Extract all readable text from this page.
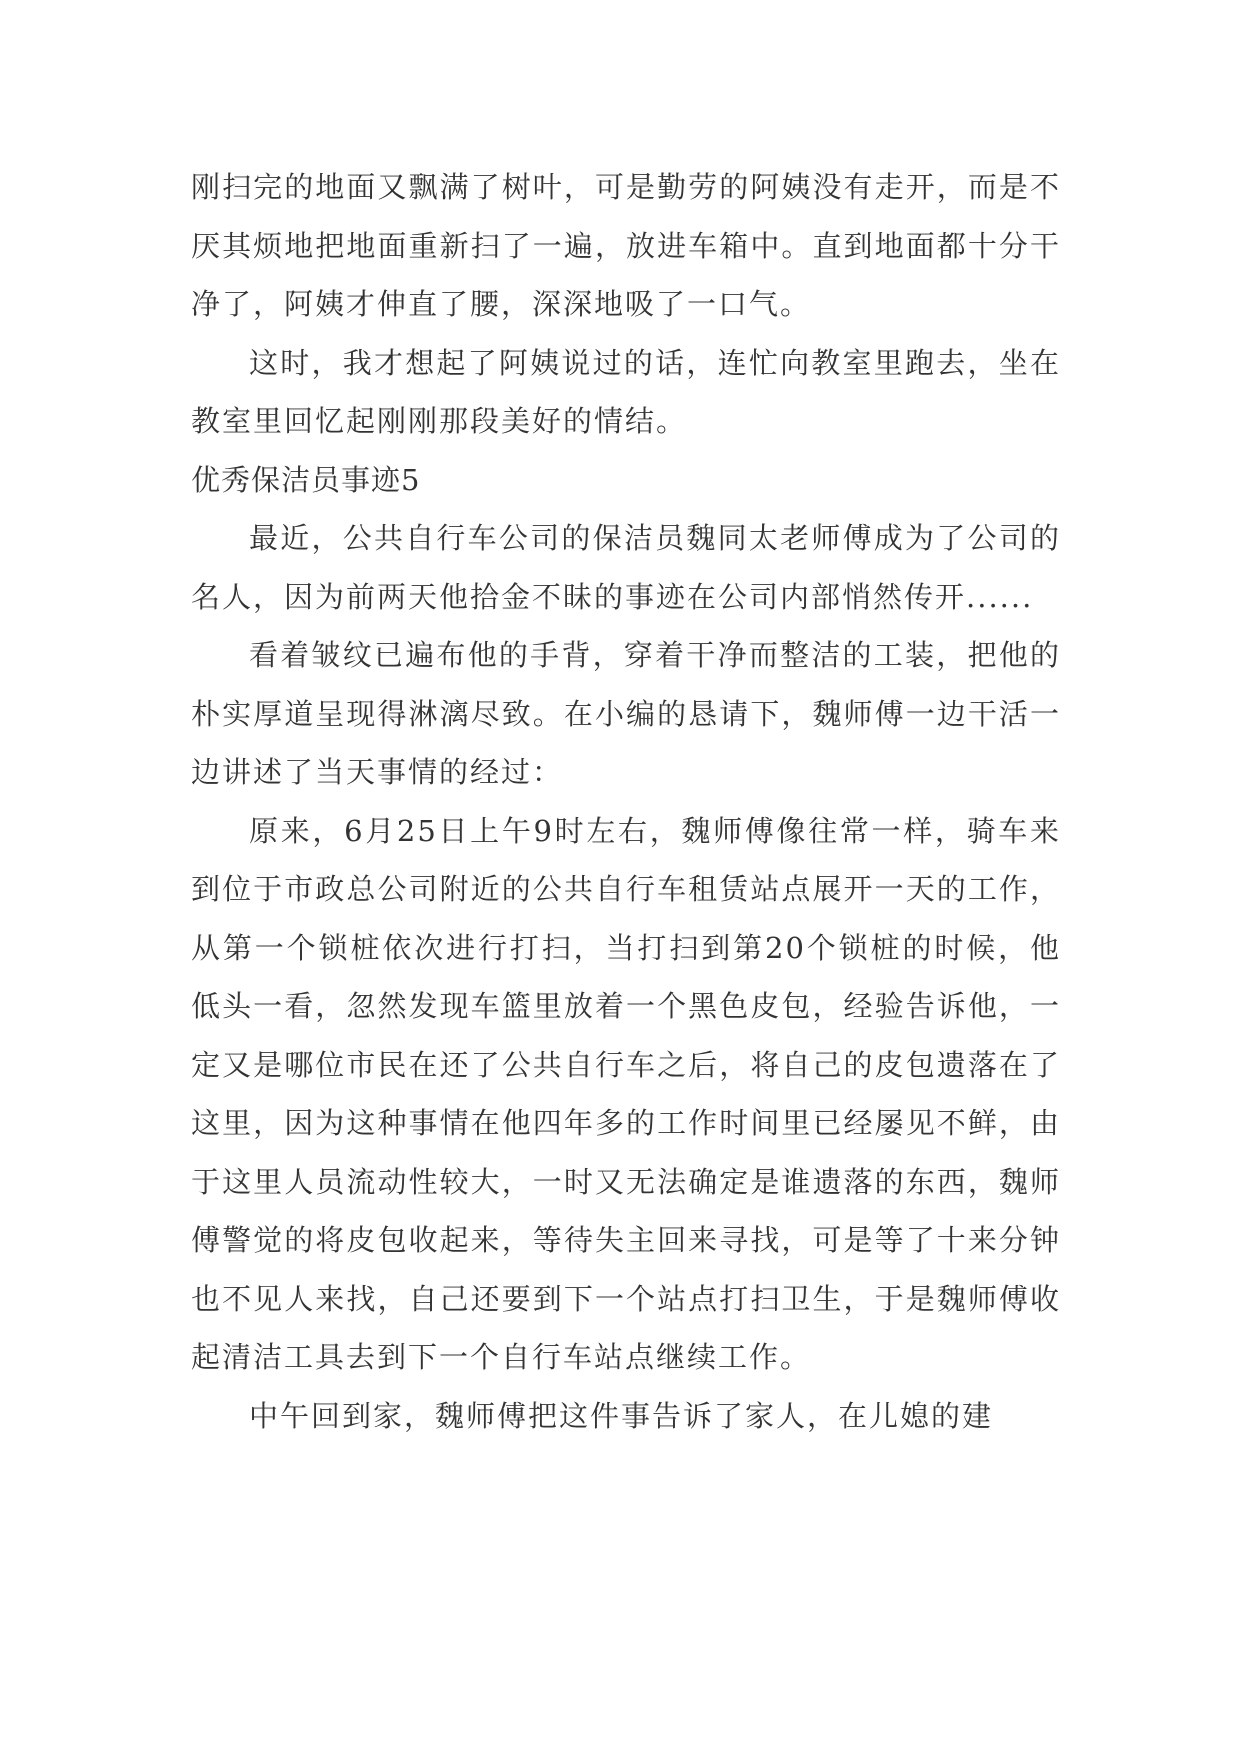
刚扫完的地面又飘满了树叶，可是勤劳的阿姨没有走开，而是不厌其烦地把地面重新扫了一遍，放进车箱中。直到地面都十分干净了，阿姨才伸直了腰，深深地吸了一口气。

这时，我才想起了阿姨说过的话，连忙向教室里跑去，坐在教室里回忆起刚刚那段美好的情结。

优秀保洁员事迹5

最近，公共自行车公司的保洁员魏同太老师傅成为了公司的名人，因为前两天他拾金不昧的事迹在公司内部悄然传开......

看着皱纹已遍布他的手背，穿着干净而整洁的工装，把他的朴实厚道呈现得淋漓尽致。在小编的恳请下，魏师傅一边干活一边讲述了当天事情的经过：

原来，6月25日上午9时左右，魏师傅像往常一样，骑车来到位于市政总公司附近的公共自行车租赁站点展开一天的工作，从第一个锁桩依次进行打扫，当打扫到第20个锁桩的时候，他低头一看，忽然发现车篮里放着一个黑色皮包，经验告诉他，一定又是哪位市民在还了公共自行车之后，将自己的皮包遗落在了这里，因为这种事情在他四年多的工作时间里已经屡见不鲜，由于这里人员流动性较大，一时又无法确定是谁遗落的东西，魏师傅警觉的将皮包收起来，等待失主回来寻找，可是等了十来分钟也不见人来找，自己还要到下一个站点打扫卫生，于是魏师傅收起清洁工具去到下一个自行车站点继续工作。

中午回到家，魏师傅把这件事告诉了家人，在儿媳的建
